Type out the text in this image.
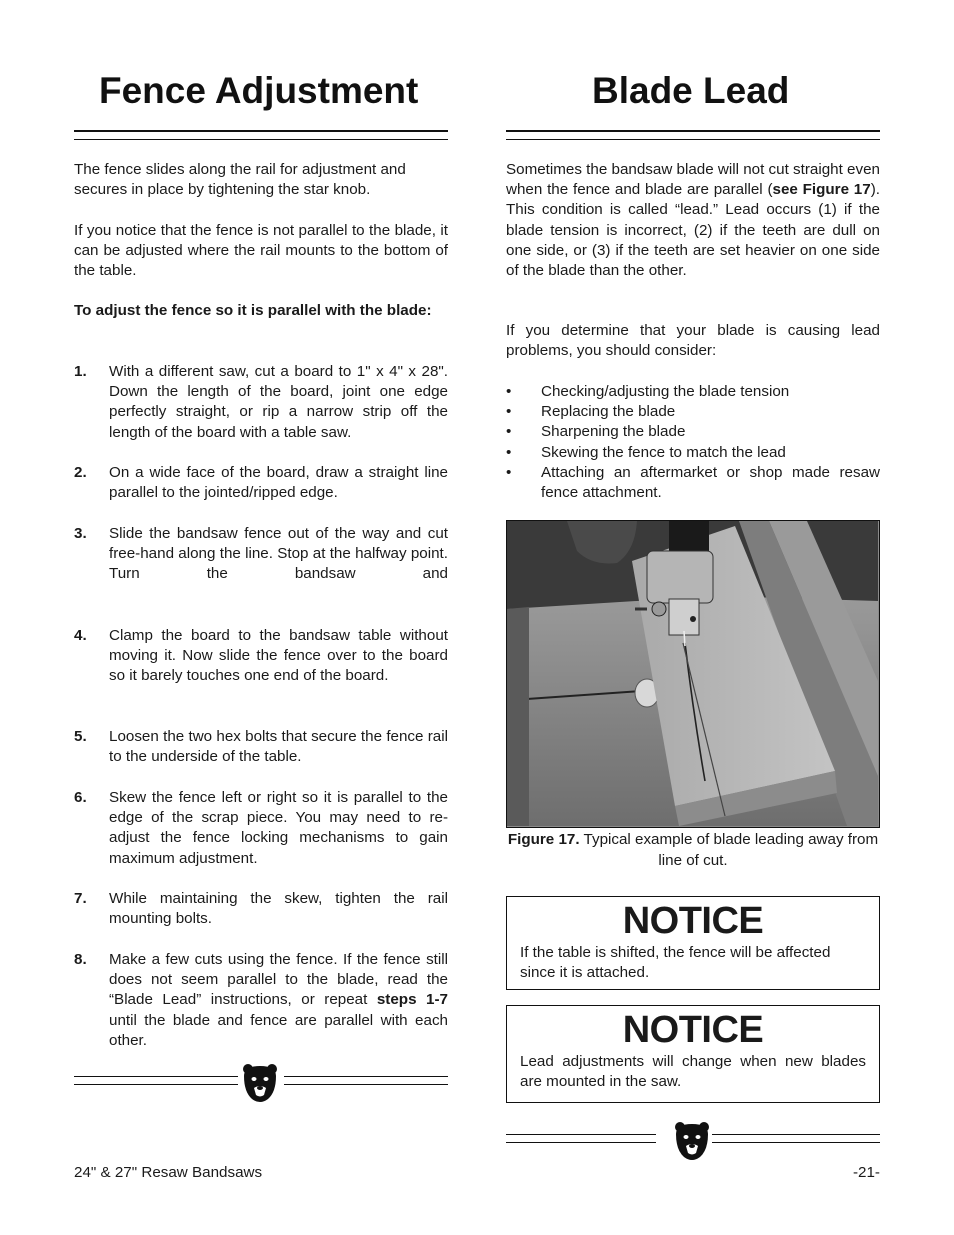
Fence Adjustment

The fence slides along the rail for adjustment and secures in place by tightening the star knob.

If you notice that the fence is not parallel to the blade, it can be adjusted where the rail mounts to the bottom of the table.

To adjust the fence so it is parallel with the blade:

1. With a different saw, cut a board to 1" x 4" x 28". Down the length of the board, joint one edge perfectly straight, or rip a narrow strip off the length of the board with a table saw.
2. On a wide face of the board, draw a straight line parallel to the jointed/ripped edge.
3. Slide the bandsaw fence out of the way and cut free-hand along the line. Stop at the halfway point. Turn the bandsaw and
4. Clamp the board to the bandsaw table without moving it. Now slide the fence over to the board so it barely touches one end of the board.
5. Loosen the two hex bolts that secure the fence rail to the underside of the table.
6. Skew the fence left or right so it is parallel to the edge of the scrap piece. You may need to re-adjust the fence locking mechanisms to gain maximum adjustment.
7. While maintaining the skew, tighten the rail mounting bolts.
8. Make a few cuts using the fence. If the fence still does not seem parallel to the blade, read the “Blade Lead” instructions, or repeat steps 1-7 until the blade and fence are parallel with each other.
24" & 27" Resaw Bandsaws
Blade Lead

Sometimes the bandsaw blade will not cut straight even when the fence and blade are parallel (see Figure 17). This condition is called “lead.” Lead occurs (1) if the blade tension is incorrect, (2) if the teeth are dull on one side, or (3) if the teeth are set heavier on one side of the blade than the other.

If you determine that your blade is causing lead problems, you should consider:

• Checking/adjusting the blade tension
• Replacing the blade
• Sharpening the blade
• Skewing the fence to match the lead
• Attaching an aftermarket or shop made resaw fence attachment.
Figure 17. Typical example of blade leading away from line of cut.
NOTICE
If the table is shifted, the fence will be affected since it is attached.
NOTICE
Lead adjustments will change when new blades are mounted in the saw.
-21-
